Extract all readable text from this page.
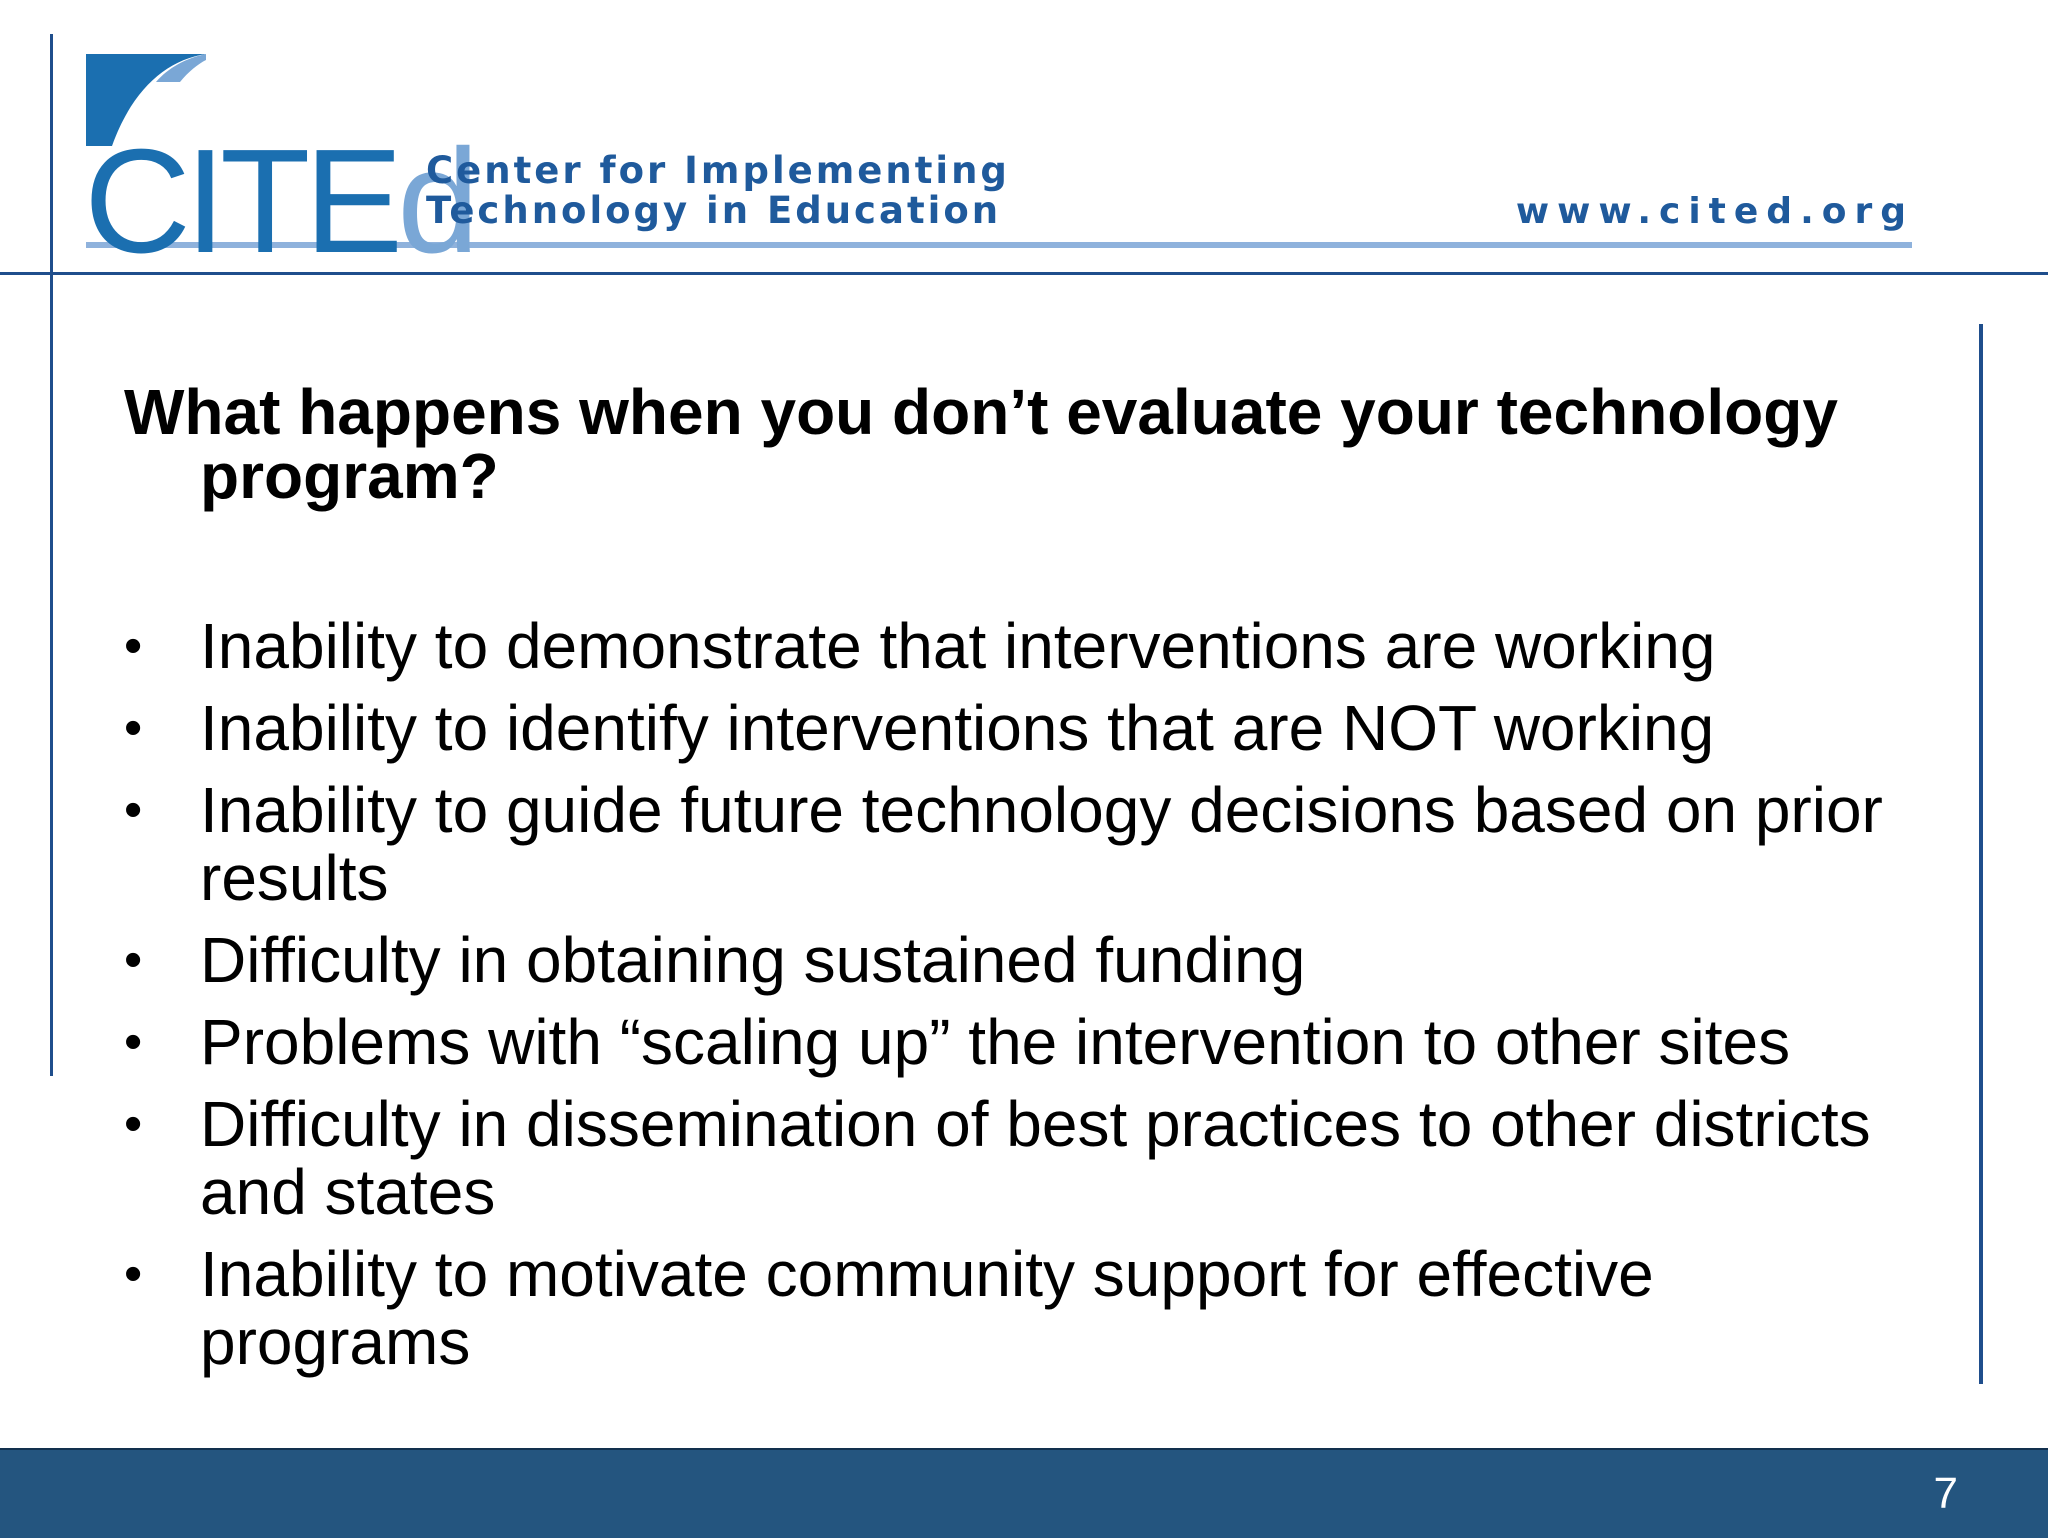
CITEd
Center for Implementing
Technology in Education	www.cited.org

What happens when you don’t evaluate your technology program?

• Inability to demonstrate that interventions are working
• Inability to identify interventions that are NOT working
• Inability to guide future technology decisions based on prior results
• Difficulty in obtaining sustained funding
• Problems with “scaling up” the intervention to other sites
• Difficulty in dissemination of best practices to other districts and states
• Inability to motivate community support for effective programs
7
